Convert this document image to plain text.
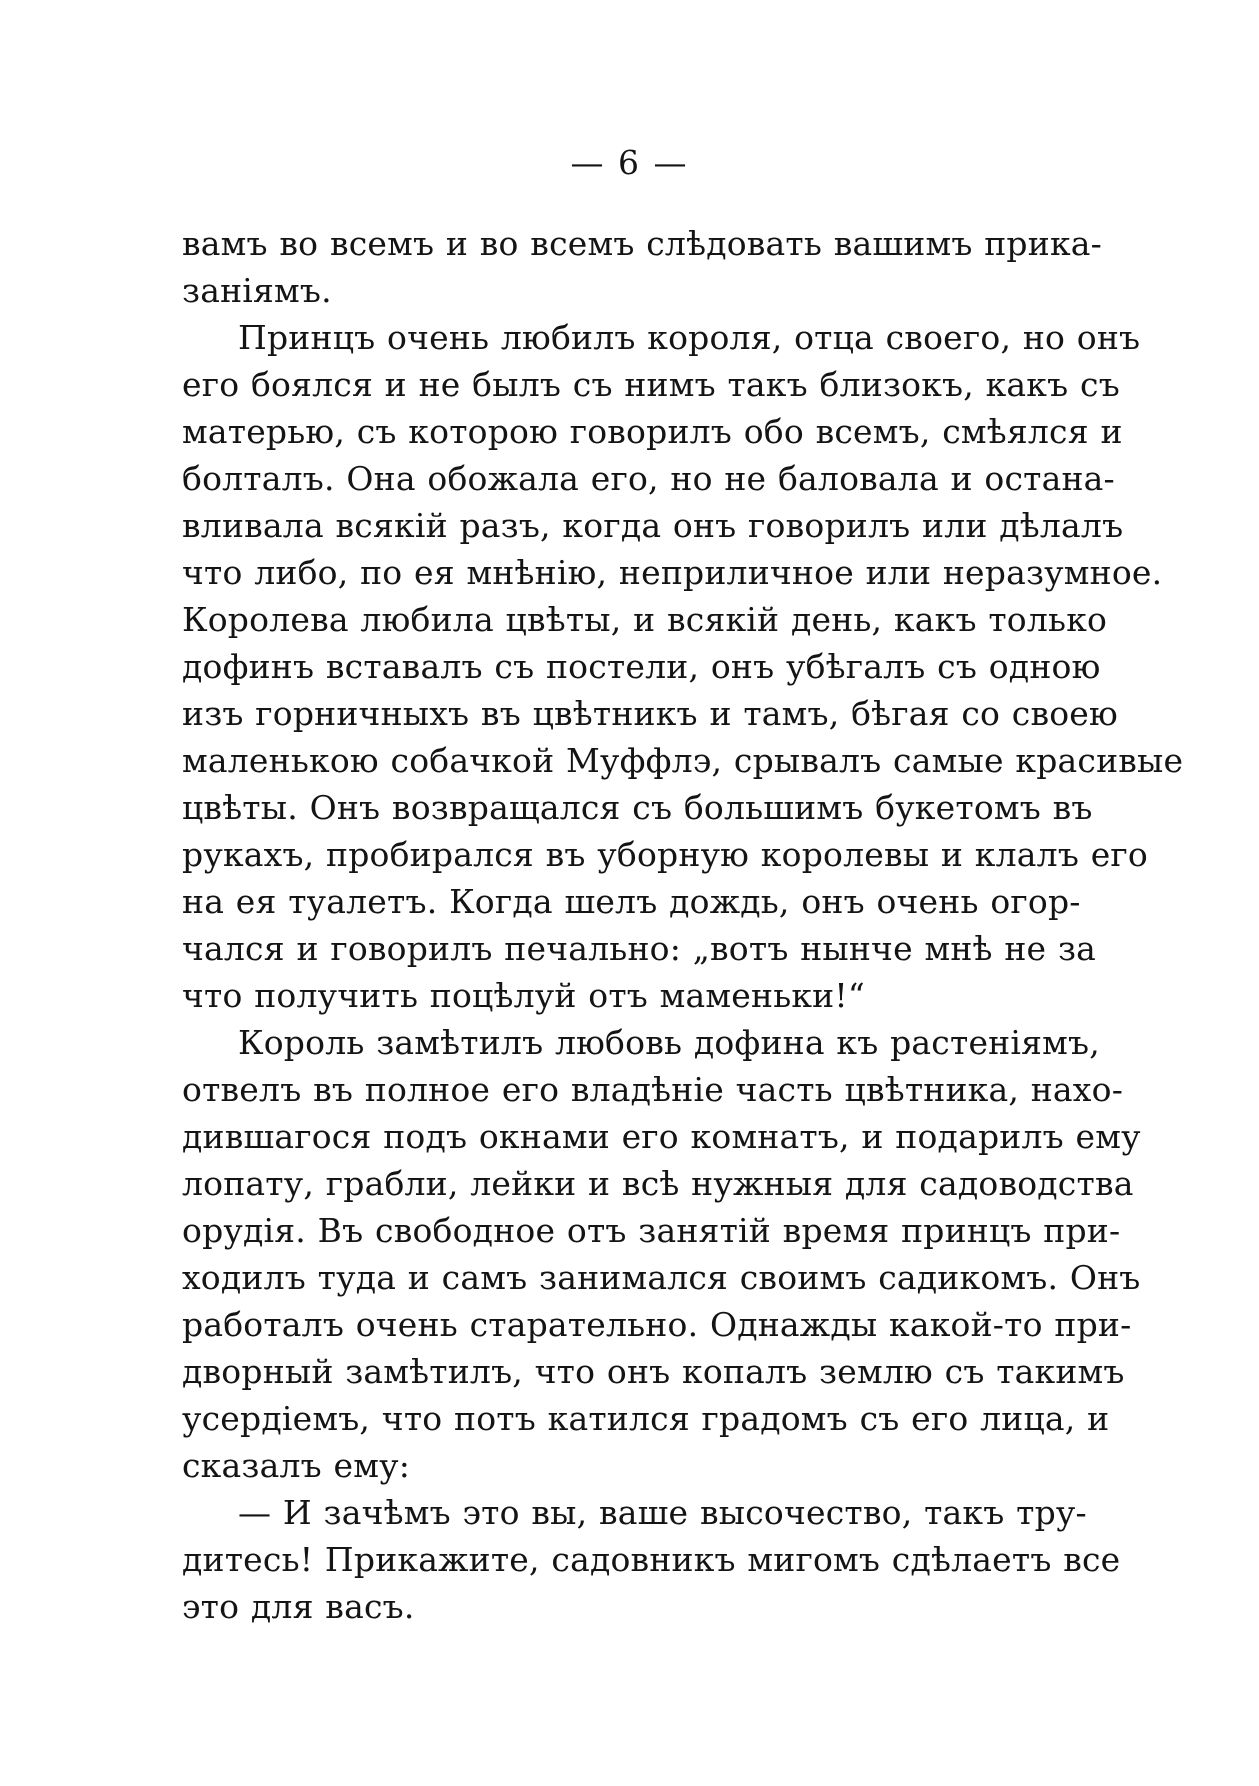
— 6 —
вамъ во всемъ и во всемъ слѣдовать вашимъ прика-
заніямъ.
Принцъ очень любилъ короля, отца своего, но онъ
его боялся и не былъ съ нимъ такъ близокъ, какъ съ
матерью, съ которою говорилъ обо всемъ, смѣялся и
болталъ. Она обожала его, но не баловала и остана-
вливала всякій разъ, когда онъ говорилъ или дѣлалъ
что либо, по ея мнѣнію, неприличное или неразумное.
Королева любила цвѣты, и всякій день, какъ только
дофинъ вставалъ съ постели, онъ убѣгалъ съ одною
изъ горничныхъ въ цвѣтникъ и тамъ, бѣгая со своею
маленькою собачкой Муффлэ, срывалъ самые красивые
цвѣты. Онъ возвращался съ большимъ букетомъ въ
рукахъ, пробирался въ уборную королевы и клалъ его
на ея туалетъ. Когда шелъ дождь, онъ очень огор-
чался и говорилъ печально: „вотъ нынче мнѣ не за
что получить поцѣлуй отъ маменьки!“
Король замѣтилъ любовь дофина къ растеніямъ,
отвелъ въ полное его владѣніе часть цвѣтника, нахо-
дившагося подъ окнами его комнатъ, и подарилъ ему
лопату, грабли, лейки и всѣ нужныя для садоводства
орудія. Въ свободное отъ занятій время принцъ при-
ходилъ туда и самъ занимался своимъ садикомъ. Онъ
работалъ очень старательно. Однажды какой-то при-
дворный замѣтилъ, что онъ копалъ землю съ такимъ
усердіемъ, что потъ катился градомъ съ его лица, и
сказалъ ему:
— И зачѣмъ это вы, ваше высочество, такъ тру-
дитесь! Прикажите, садовникъ мигомъ сдѣлаетъ все
это для васъ.
